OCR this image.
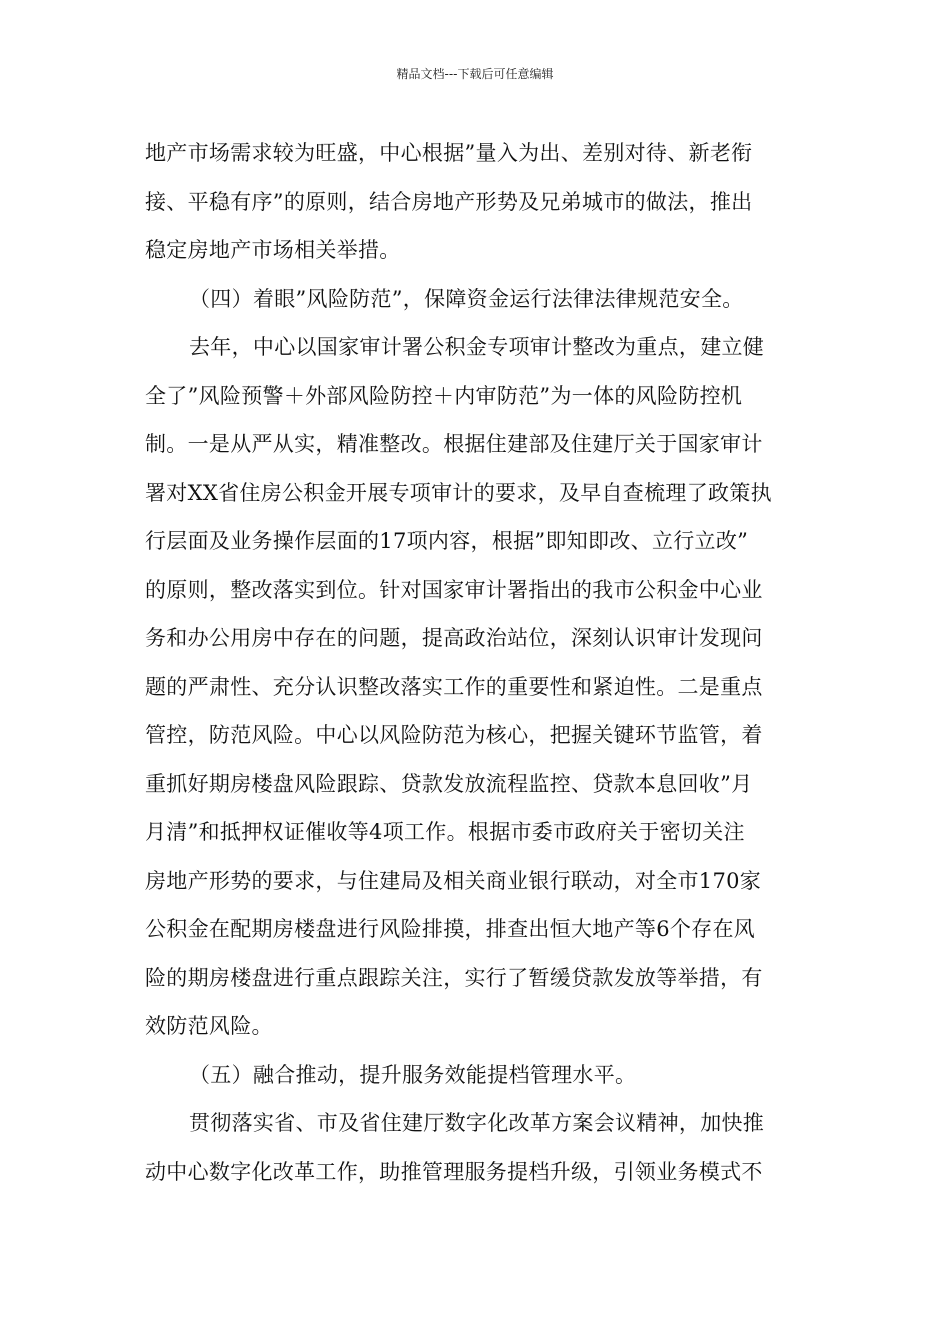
精品文档---下载后可任意编辑
地产市场需求较为旺盛，中心根据”量入为出、差别对待、新老衔
接、平稳有序”的原则，结合房地产形势及兄弟城市的做法，推出
稳定房地产市场相关举措。
（四）着眼”风险防范”，保障资金运行法律法律规范安全。
去年，中心以国家审计署公积金专项审计整改为重点，建立健
全了”风险预警＋外部风险防控＋内审防范”为一体的风险防控机
制。一是从严从实，精准整改。根据住建部及住建厅关于国家审计
署对XX省住房公积金开展专项审计的要求，及早自查梳理了政策执
行层面及业务操作层面的17项内容，根据”即知即改、立行立改”
的原则，整改落实到位。针对国家审计署指出的我市公积金中心业
务和办公用房中存在的问题，提高政治站位，深刻认识审计发现问
题的严肃性、充分认识整改落实工作的重要性和紧迫性。二是重点
管控，防范风险。中心以风险防范为核心，把握关键环节监管，着
重抓好期房楼盘风险跟踪、贷款发放流程监控、贷款本息回收”月
月清”和抵押权证催收等4项工作。根据市委市政府关于密切关注
房地产形势的要求，与住建局及相关商业银行联动，对全市170家
公积金在配期房楼盘进行风险排摸，排查出恒大地产等6个存在风
险的期房楼盘进行重点跟踪关注，实行了暂缓贷款发放等举措，有
效防范风险。
（五）融合推动，提升服务效能提档管理水平。
贯彻落实省、市及省住建厅数字化改革方案会议精神，加快推
动中心数字化改革工作，助推管理服务提档升级，引领业务模式不
